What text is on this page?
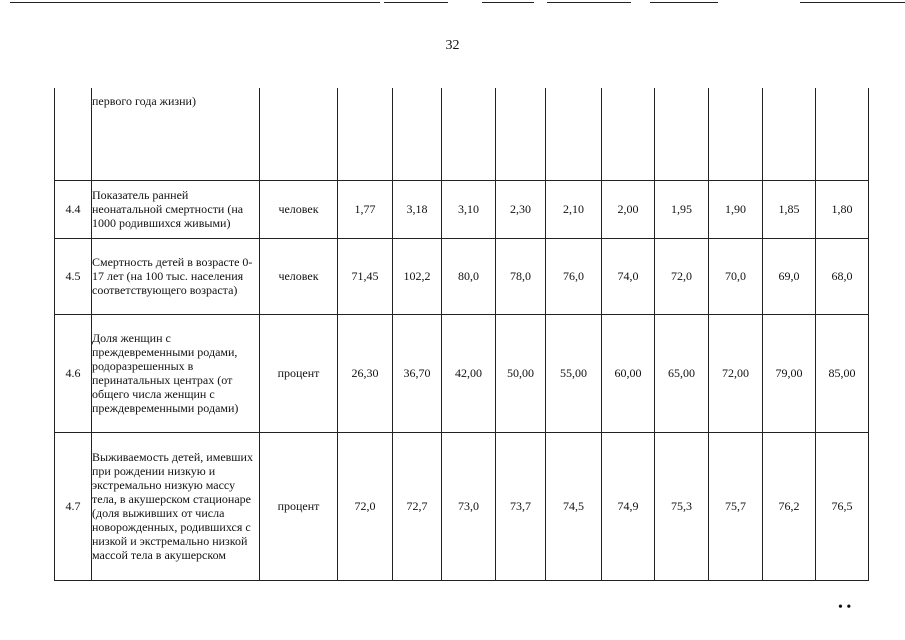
32
	первого года жизни)											
4.4	Показатель ранней неонатальной смертности (на 1000 родившихся живыми)	человек	1,77	3,18	3,10	2,30	2,10	2,00	1,95	1,90	1,85	1,80
4.5	Смертность детей в возрасте 0-17 лет (на 100 тыс. населения соответствующего возраста)	человек	71,45	102,2	80,0	78,0	76,0	74,0	72,0	70,0	69,0	68,0
4.6	Доля женщин с преждевременными родами, родоразрешенных в перинатальных центрах (от общего числа женщин с преждевременными родами)	процент	26,30	36,70	42,00	50,00	55,00	60,00	65,00	72,00	79,00	85,00
4.7	Выживаемость детей, имевших при рождении низкую и экстремально низкую массу тела, в акушерском стационаре (доля выживших от числа новорожденных, родившихся с низкой и экстремально низкой массой тела в акушерском	процент	72,0	72,7	73,0	73,7	74,5	74,9	75,3	75,7	76,2	76,5
• •
